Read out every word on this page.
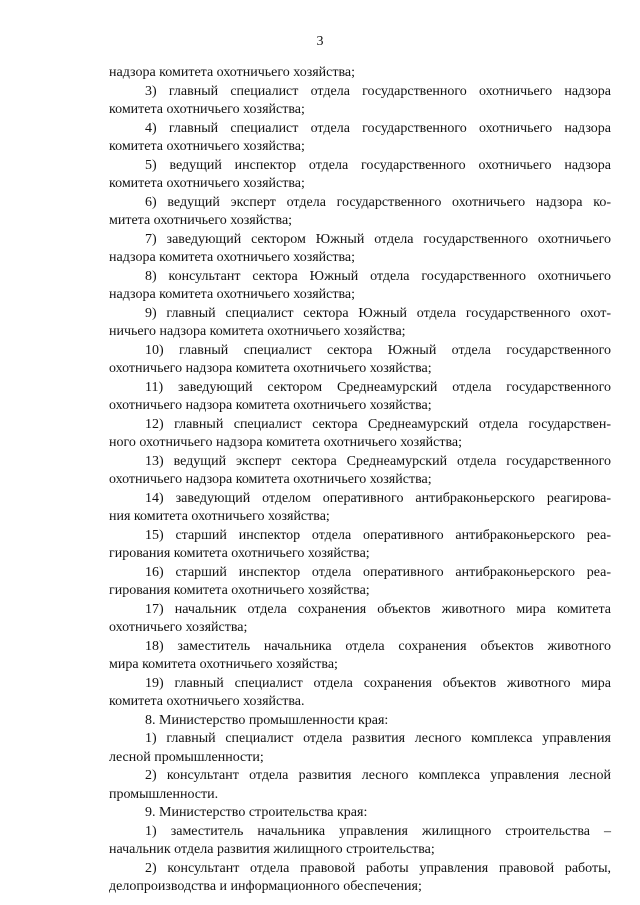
3
надзора комитета охотничьего хозяйства;
3) главный специалист отдела государственного охотничьего надзора
комитета охотничьего хозяйства;
4) главный специалист отдела государственного охотничьего надзора
комитета охотничьего хозяйства;
5) ведущий инспектор отдела государственного охотничьего надзора
комитета охотничьего хозяйства;
6) ведущий эксперт отдела государственного охотничьего надзора ко-
митета охотничьего хозяйства;
7) заведующий сектором Южный отдела государственного охотничьего
надзора комитета охотничьего хозяйства;
8) консультант сектора Южный отдела государственного охотничьего
надзора комитета охотничьего хозяйства;
9) главный специалист сектора Южный отдела государственного охот-
ничьего надзора комитета охотничьего хозяйства;
10) главный специалист сектора Южный отдела государственного
охотничьего надзора комитета охотничьего хозяйства;
11) заведующий сектором Среднеамурский отдела государственного
охотничьего надзора комитета охотничьего хозяйства;
12) главный специалист сектора Среднеамурский отдела государствен-
ного охотничьего надзора комитета охотничьего хозяйства;
13) ведущий эксперт сектора Среднеамурский отдела государственного
охотничьего надзора комитета охотничьего хозяйства;
14) заведующий отделом оперативного антибраконьерского реагирова-
ния комитета охотничьего хозяйства;
15) старший инспектор отдела оперативного антибраконьерского реа-
гирования комитета охотничьего хозяйства;
16) старший инспектор отдела оперативного антибраконьерского реа-
гирования комитета охотничьего хозяйства;
17) начальник отдела сохранения объектов животного мира комитета
охотничьего хозяйства;
18) заместитель начальника отдела сохранения объектов животного
мира комитета охотничьего хозяйства;
19) главный специалист отдела сохранения объектов животного мира
комитета охотничьего хозяйства.
8. Министерство промышленности края:
1) главный специалист отдела развития лесного комплекса управления
лесной промышленности;
2) консультант отдела развития лесного комплекса управления лесной
промышленности.
9. Министерство строительства края:
1) заместитель начальника управления жилищного строительства –
начальник отдела развития жилищного строительства;
2) консультант отдела правовой работы управления правовой работы,
делопроизводства и информационного обеспечения;
